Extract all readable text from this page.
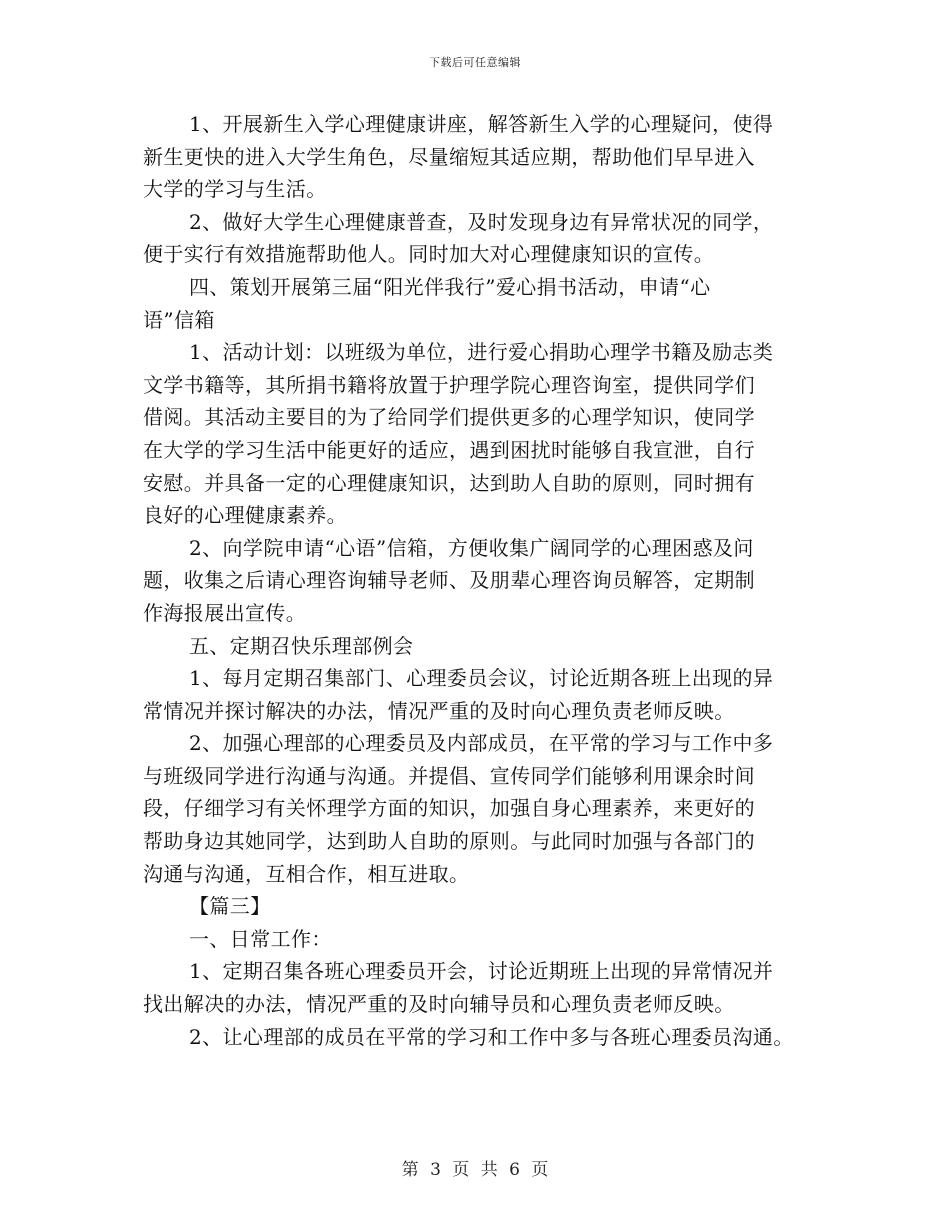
下载后可任意编辑
1、开展新生入学心理健康讲座，解答新生入学的心理疑问，使得
新生更快的进入大学生角色，尽量缩短其适应期，帮助他们早早进入
大学的学习与生活。
2、做好大学生心理健康普查，及时发现身边有异常状况的同学，
便于实行有效措施帮助他人。同时加大对心理健康知识的宣传。
四、策划开展第三届“阳光伴我行”爱心捐书活动，申请“心
语”信箱
1、活动计划：以班级为单位，进行爱心捐助心理学书籍及励志类
文学书籍等，其所捐书籍将放置于护理学院心理咨询室，提供同学们
借阅。其活动主要目的为了给同学们提供更多的心理学知识，使同学
在大学的学习生活中能更好的适应，遇到困扰时能够自我宣泄，自行
安慰。并具备一定的心理健康知识，达到助人自助的原则，同时拥有
良好的心理健康素养。
2、向学院申请“心语”信箱，方便收集广阔同学的心理困惑及问
题，收集之后请心理咨询辅导老师、及朋辈心理咨询员解答，定期制
作海报展出宣传。
五、定期召快乐理部例会
1、每月定期召集部门、心理委员会议，讨论近期各班上出现的异
常情况并探讨解决的办法，情况严重的及时向心理负责老师反映。
2、加强心理部的心理委员及内部成员，在平常的学习与工作中多
与班级同学进行沟通与沟通。并提倡、宣传同学们能够利用课余时间
段，仔细学习有关怀理学方面的知识，加强自身心理素养，来更好的
帮助身边其她同学，达到助人自助的原则。与此同时加强与各部门的
沟通与沟通，互相合作，相互进取。
【篇三】
一、日常工作：
1、定期召集各班心理委员开会，讨论近期班上出现的异常情况并
找出解决的办法，情况严重的及时向辅导员和心理负责老师反映。
2、让心理部的成员在平常的学习和工作中多与各班心理委员沟通。
第 3 页 共 6 页
